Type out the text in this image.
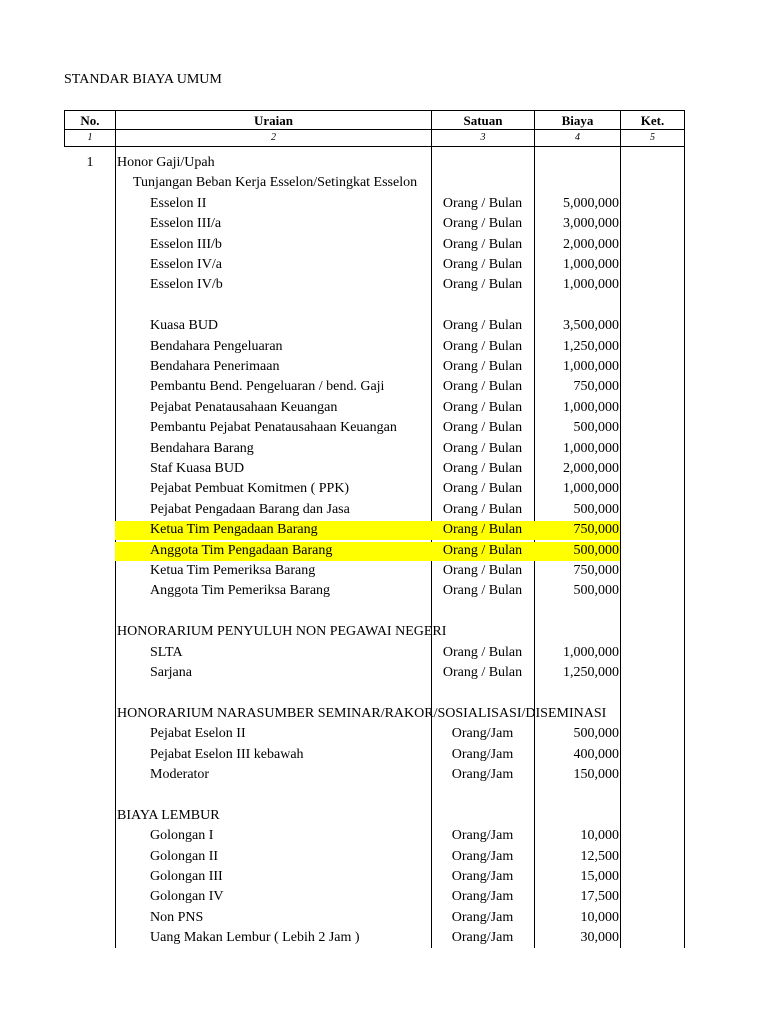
STANDAR BIAYA UMUM
No.	Uraian	Satuan	Biaya	Ket.
1	2	3	4	5
1	Honor Gaji/Upah
Tunjangan Beban Kerja Esselon/Setingkat Esselon
Esselon II	Orang / Bulan	5,000,000
Esselon III/a	Orang / Bulan	3,000,000
Esselon III/b	Orang / Bulan	2,000,000
Esselon IV/a	Orang / Bulan	1,000,000
Esselon IV/b	Orang / Bulan	1,000,000
Kuasa BUD	Orang / Bulan	3,500,000
Bendahara Pengeluaran	Orang / Bulan	1,250,000
Bendahara Penerimaan	Orang / Bulan	1,000,000
Pembantu Bend. Pengeluaran / bend. Gaji	Orang / Bulan	750,000
Pejabat Penatausahaan Keuangan	Orang / Bulan	1,000,000
Pembantu Pejabat Penatausahaan Keuangan	Orang / Bulan	500,000
Bendahara Barang	Orang / Bulan	1,000,000
Staf Kuasa BUD	Orang / Bulan	2,000,000
Pejabat Pembuat Komitmen ( PPK)	Orang / Bulan	1,000,000
Pejabat Pengadaan Barang dan Jasa	Orang / Bulan	500,000
Ketua Tim Pengadaan Barang	Orang / Bulan	750,000
Anggota Tim Pengadaan Barang	Orang / Bulan	500,000
Ketua Tim Pemeriksa Barang	Orang / Bulan	750,000
Anggota Tim Pemeriksa Barang	Orang / Bulan	500,000
HONORARIUM PENYULUH NON PEGAWAI NEGERI
SLTA	Orang / Bulan	1,000,000
Sarjana	Orang / Bulan	1,250,000
HONORARIUM NARASUMBER SEMINAR/RAKOR/SOSIALISASI/DISEMINASI
Pejabat Eselon II	Orang/Jam	500,000
Pejabat Eselon III kebawah	Orang/Jam	400,000
Moderator	Orang/Jam	150,000
BIAYA LEMBUR
Golongan I	Orang/Jam	10,000
Golongan II	Orang/Jam	12,500
Golongan III	Orang/Jam	15,000
Golongan IV	Orang/Jam	17,500
Non PNS	Orang/Jam	10,000
Uang Makan Lembur ( Lebih 2 Jam )	Orang/Jam	30,000
